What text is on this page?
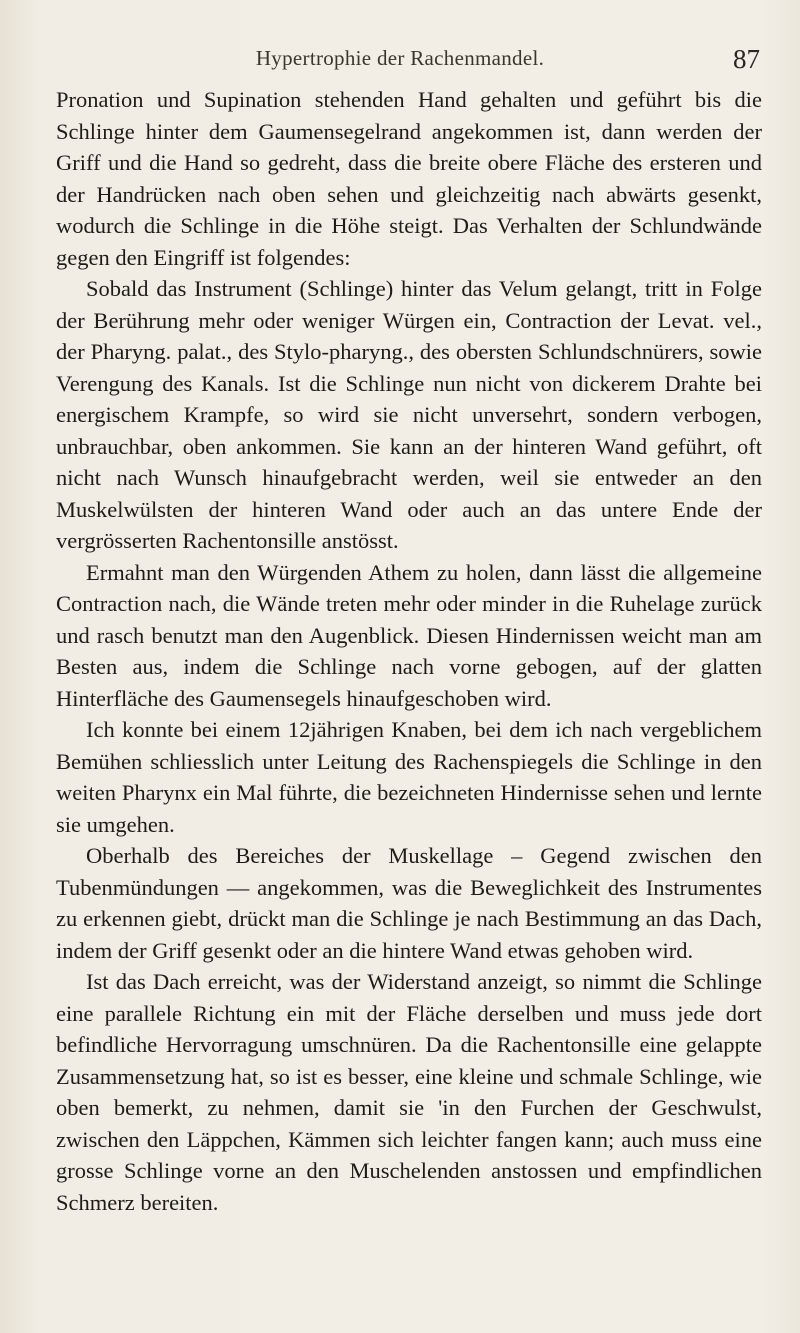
Hypertrophie der Rachenmandel.	87

Pronation und Supination stehenden Hand gehalten und geführt bis die Schlinge hinter dem Gaumensegelrand angekommen ist, dann werden der Griff und die Hand so gedreht, dass die breite obere Fläche des ersteren und der Handrücken nach oben sehen und gleichzeitig nach abwärts gesenkt, wodurch die Schlinge in die Höhe steigt. Das Verhalten der Schlundwände gegen den Eingriff ist folgendes:

Sobald das Instrument (Schlinge) hinter das Velum gelangt, tritt in Folge der Berührung mehr oder weniger Würgen ein, Contraction der Levat. vel., der Pharyng. palat., des Stylo-pharyng., des obersten Schlundschnürers, sowie Verengung des Kanals. Ist die Schlinge nun nicht von dickerem Drahte bei energischem Krampfe, so wird sie nicht unversehrt, sondern verbogen, unbrauchbar, oben ankommen. Sie kann an der hinteren Wand geführt, oft nicht nach Wunsch hinaufgebracht werden, weil sie entweder an den Muskelwülsten der hinteren Wand oder auch an das untere Ende der vergrösserten Rachentonsille anstösst.

Ermahnt man den Würgenden Athem zu holen, dann lässt die allgemeine Contraction nach, die Wände treten mehr oder minder in die Ruhelage zurück und rasch benutzt man den Augenblick. Diesen Hindernissen weicht man am Besten aus, indem die Schlinge nach vorne gebogen, auf der glatten Hinterfläche des Gaumensegels hinaufgeschoben wird.

Ich konnte bei einem 12jährigen Knaben, bei dem ich nach vergeblichem Bemühen schliesslich unter Leitung des Rachenspiegels die Schlinge in den weiten Pharynx ein Mal führte, die bezeichneten Hindernisse sehen und lernte sie umgehen.

Oberhalb des Bereiches der Muskellage – Gegend zwischen den Tubenmündungen — angekommen, was die Beweglichkeit des Instrumentes zu erkennen giebt, drückt man die Schlinge je nach Bestimmung an das Dach, indem der Griff gesenkt oder an die hintere Wand etwas gehoben wird.

Ist das Dach erreicht, was der Widerstand anzeigt, so nimmt die Schlinge eine parallele Richtung ein mit der Fläche derselben und muss jede dort befindliche Hervorragung umschnüren. Da die Rachentonsille eine gelappte Zusammensetzung hat, so ist es besser, eine kleine und schmale Schlinge, wie oben bemerkt, zu nehmen, damit sie 'in den Furchen der Geschwulst, zwischen den Läppchen, Kämmen sich leichter fangen kann; auch muss eine grosse Schlinge vorne an den Muschelenden anstossen und empfindlichen Schmerz bereiten.
